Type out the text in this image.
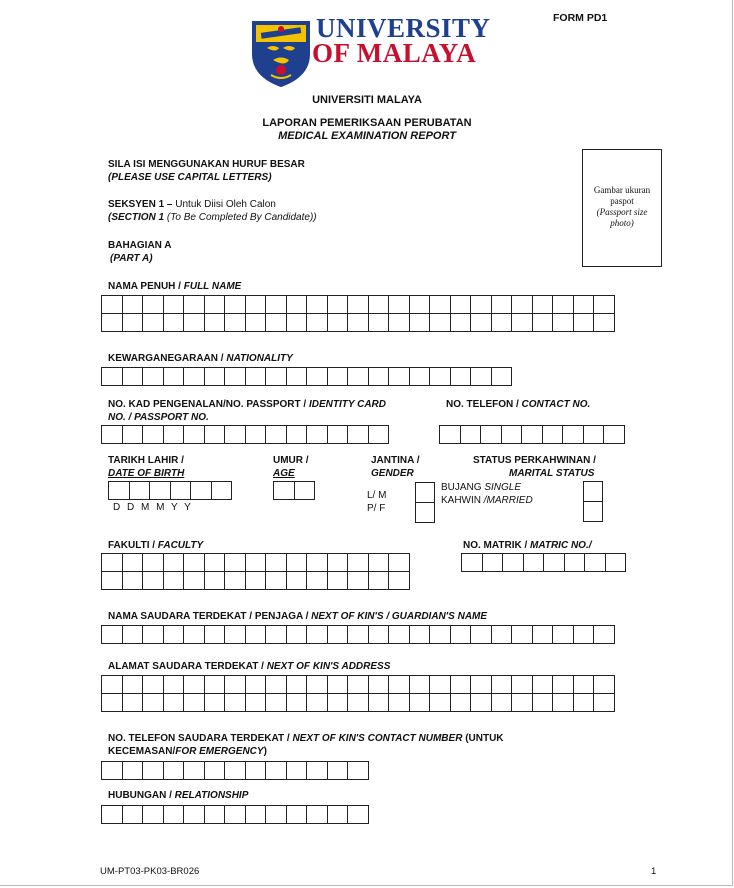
FORM PD1
UNIVERSITY
OF MALAYA
UNIVERSITI MALAYA
LAPORAN PEMERIKSAAN PERUBATAN
MEDICAL EXAMINATION REPORT
SILA ISI MENGGUNAKAN HURUF BESAR
(PLEASE USE CAPITAL LETTERS)
SEKSYEN 1 – Untuk Diisi Oleh Calon
(SECTION 1 (To Be Completed By Candidate))
BAHAGIAN A
(PART A)
Gambar ukuran
paspot
(Passport size
photo)
NAMA PENUH / FULL NAME
KEWARGANEGARAAN / NATIONALITY
NO. KAD PENGENALAN/NO. PASSPORT / IDENTITY CARD
NO. / PASSPORT NO.
NO. TELEFON / CONTACT NO.
TARIKH LAHIR /
DATE OF BIRTH
D D M M Y Y
UMUR /
AGE
JANTINA /
GENDER
L/ M
P/ F
STATUS PERKAHWINAN /
MARITAL STATUS
BUJANG SINGLE
KAHWIN /MARRIED
FAKULTI / FACULTY	NO. MATRIK / MATRIC NO./
NAMA SAUDARA TERDEKAT / PENJAGA / NEXT OF KIN'S / GUARDIAN'S NAME
ALAMAT SAUDARA TERDEKAT / NEXT OF KIN'S ADDRESS
NO. TELEFON SAUDARA TERDEKAT / NEXT OF KIN'S CONTACT NUMBER (UNTUK
KECEMASAN/FOR EMERGENCY)
HUBUNGAN / RELATIONSHIP
UM-PT03-PK03-BR026	1
